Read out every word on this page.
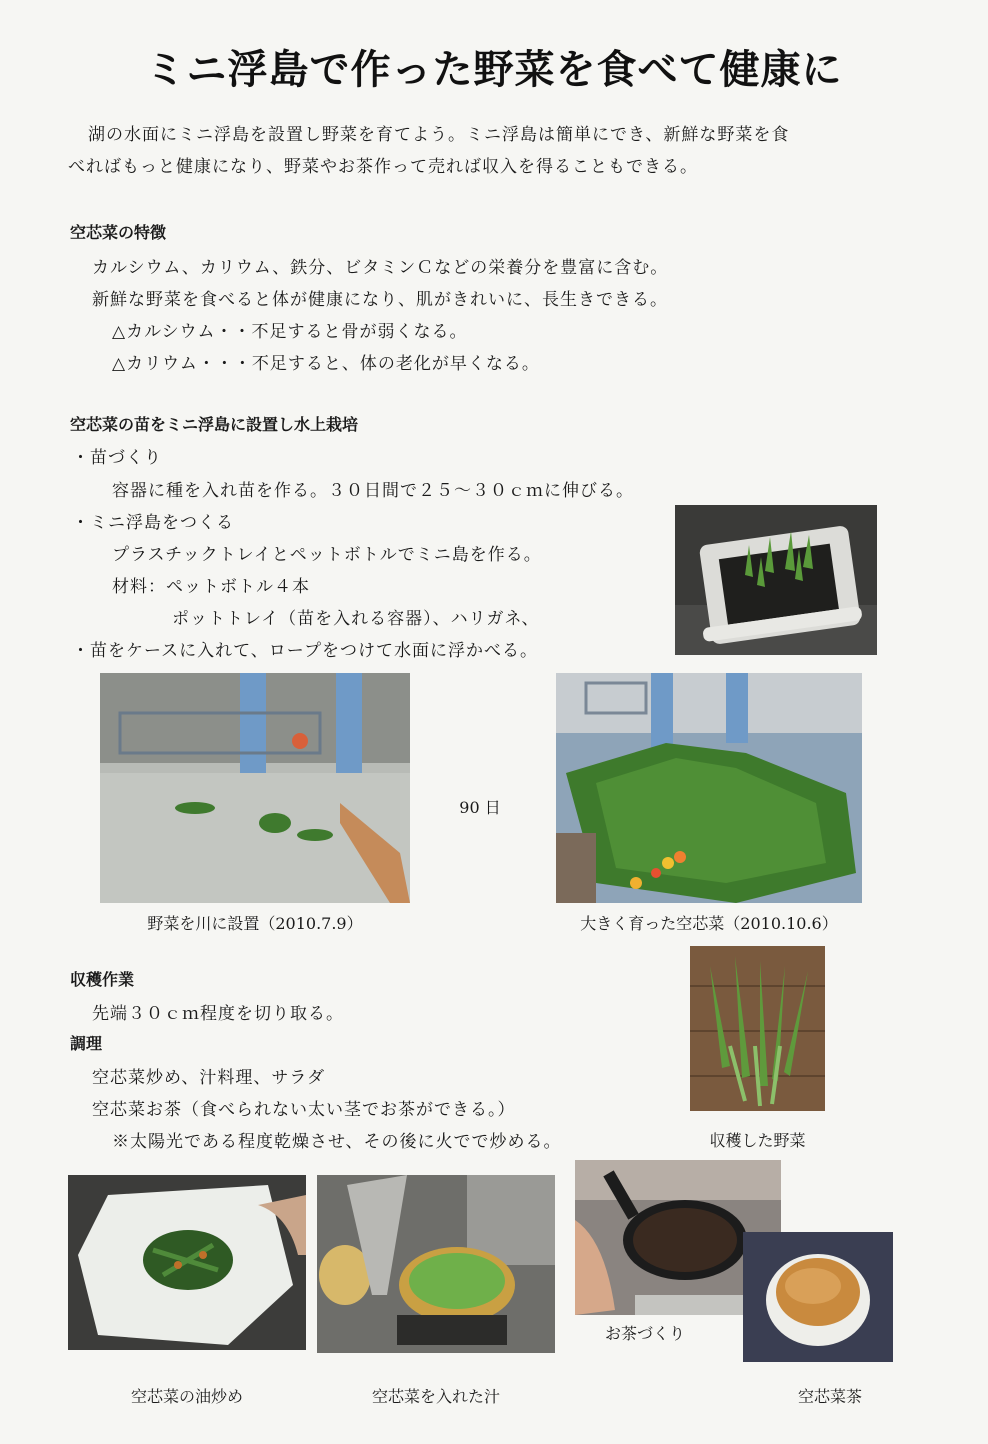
ミニ浮島で作った野菜を食べて健康に
湖の水面にミニ浮島を設置し野菜を育てよう。ミニ浮島は簡単にでき、新鮮な野菜を食
べればもっと健康になり、野菜やお茶作って売れば収入を得ることもできる。
空芯菜の特徴
カルシウム、カリウム、鉄分、ビタミンＣなどの栄養分を豊富に含む。
新鮮な野菜を食べると体が健康になり、肌がきれいに、長生きできる。
△カルシウム・・不足すると骨が弱くなる。
△カリウム・・・不足すると、体の老化が早くなる。
空芯菜の苗をミニ浮島に設置し水上栽培
・苗づくり
容器に種を入れ苗を作る。３０日間で２５～３０ｃｍに伸びる。
・ミニ浮島をつくる
プラスチックトレイとペットボトルでミニ島を作る。
材料：ペットボトル４本
ポットトレイ（苗を入れる容器）、ハリガネ、
・苗をケースに入れて、ロープをつけて水面に浮かべる。
90 日
野菜を川に設置（2010.7.9）	大きく育った空芯菜（2010.10.6）
収穫作業
先端３０ｃｍ程度を切り取る。
調理
空芯菜炒め、汁料理、サラダ
空芯菜お茶（食べられない太い茎でお茶ができる。）
※太陽光である程度乾燥させ、その後に火でで炒める。	収穫した野菜
お茶づくり
空芯菜の油炒め	空芯菜を入れた汁	空芯菜茶
